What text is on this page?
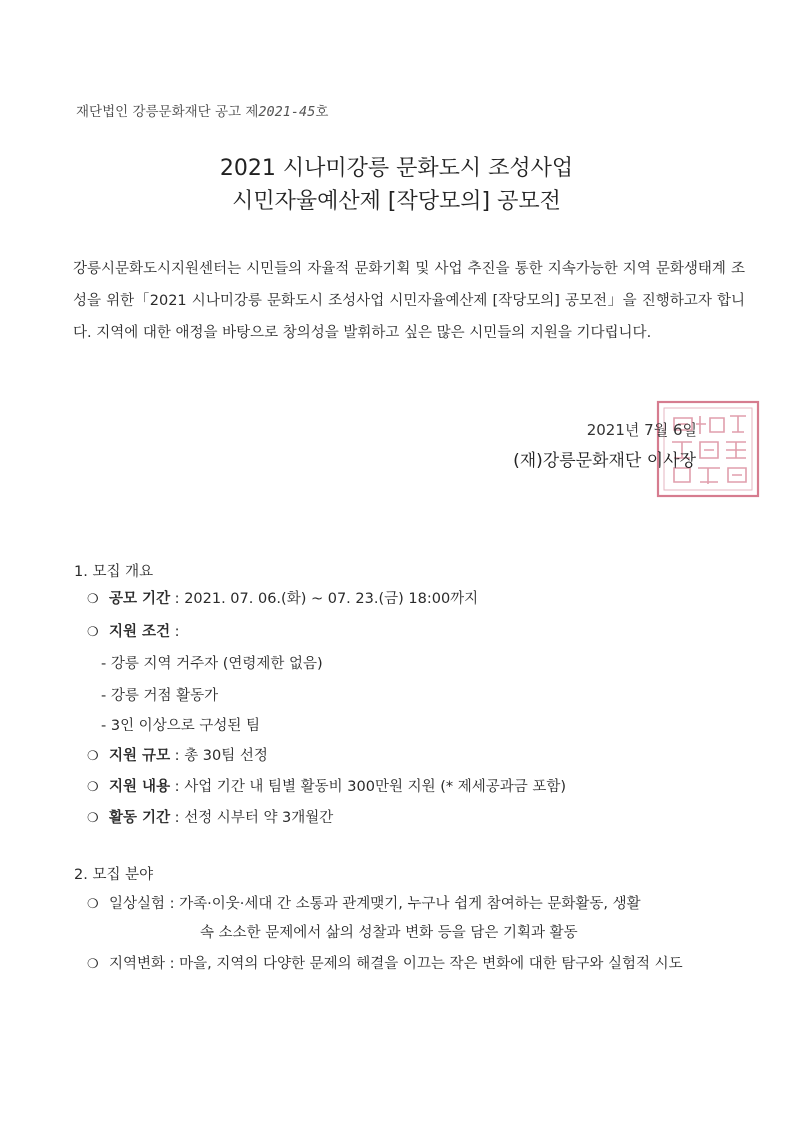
재단법인 강릉문화재단 공고 제2021-45호
2021 시나미강릉 문화도시 조성사업
시민자율예산제 [작당모의] 공모전
강릉시문화도시지원센터는 시민들의 자율적 문화기획 및 사업 추진을 통한 지속가능한 지역 문화생태계 조성을 위한「2021 시나미강릉 문화도시 조성사업 시민자율예산제 [작당모의] 공모전」을 진행하고자 합니다. 지역에 대한 애정을 바탕으로 창의성을 발휘하고 싶은 많은 시민들의 지원을 기다립니다.
2021년 7월 6일
(재)강릉문화재단 이사장
1. 모집 개요
❍ 공모 기간 : 2021. 07. 06.(화) ~ 07. 23.(금) 18:00까지
❍ 지원 조건 :
- 강릉 지역 거주자 (연령제한 없음)
- 강릉 거점 활동가
- 3인 이상으로 구성된 팀
❍ 지원 규모 : 총 30팀 선정
❍ 지원 내용 : 사업 기간 내 팀별 활동비 300만원 지원 (* 제세공과금 포함)
❍ 활동 기간 : 선정 시부터 약 3개월간
2. 모집 분야
❍ 일상실험 : 가족·이웃·세대 간 소통과 관계맺기, 누구나 쉽게 참여하는 문화활동, 생활
속 소소한 문제에서 삶의 성찰과 변화 등을 담은 기획과 활동
❍ 지역변화 : 마을, 지역의 다양한 문제의 해결을 이끄는 작은 변화에 대한 탐구와 실험적 시도
